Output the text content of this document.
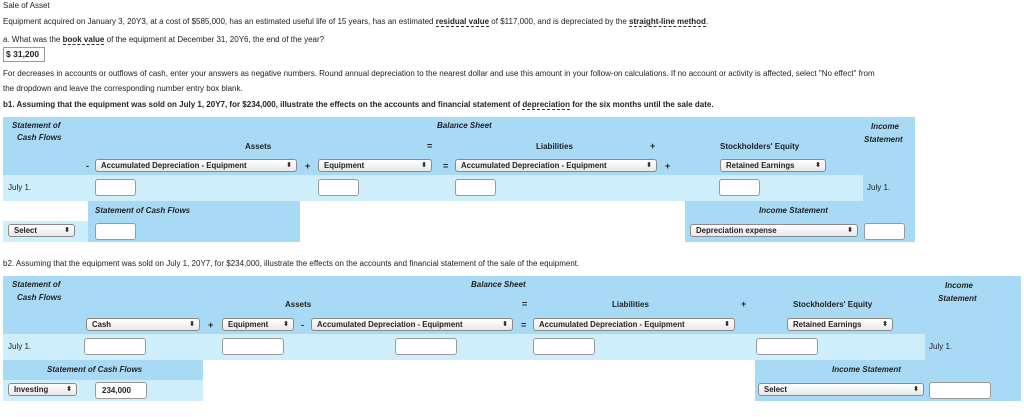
Sale of Asset
Equipment acquired on January 3, 20Y3, at a cost of $585,000, has an estimated useful life of 15 years, has an estimated residual value of $117,000, and is depreciated by the straight-line method.
a. What was the book value of the equipment at December 31, 20Y6, the end of the year?
$ 31,200
For decreases in accounts or outflows of cash, enter your answers as negative numbers. Round annual depreciation to the nearest dollar and use this amount in your follow-on calculations. If no account or activity is affected, select "No effect" from
the dropdown and leave the corresponding number entry box blank.
b1. Assuming that the equipment was sold on July 1, 20Y7, for $234,000, illustrate the effects on the accounts and financial statement of depreciation for the six months until the sale date.
Statement of
Cash Flows
Balance Sheet	Income
Statement
Assets	=	Liabilities	+	Stockholders' Equity
-	Accumulated Depreciation - Equipment	⬍ +	Equipment	⬍ =	Accumulated Depreciation - Equipment	⬍ +	Retained Earnings	⬍
July 1.	July 1.
Statement of Cash Flows	Income Statement
Select	⬍	Depreciation expense	⬍
b2. Assuming that the equipment was sold on July 1, 20Y7, for $234,000, illustrate the effects on the accounts and financial statement of the sale of the equipment.
Statement of
Cash Flows
Balance Sheet	Income
Statement
Assets	=	Liabilities	+	Stockholders' Equity
Cash	⬍ +	Equipment ⬍ -	Accumulated Depreciation - Equipment	⬍ =	Accumulated Depreciation - Equipment	⬍	Retained Earnings	⬍
July 1.	July 1.
Statement of Cash Flows	Income Statement
Investing	⬍	234,000	Select	⬍
